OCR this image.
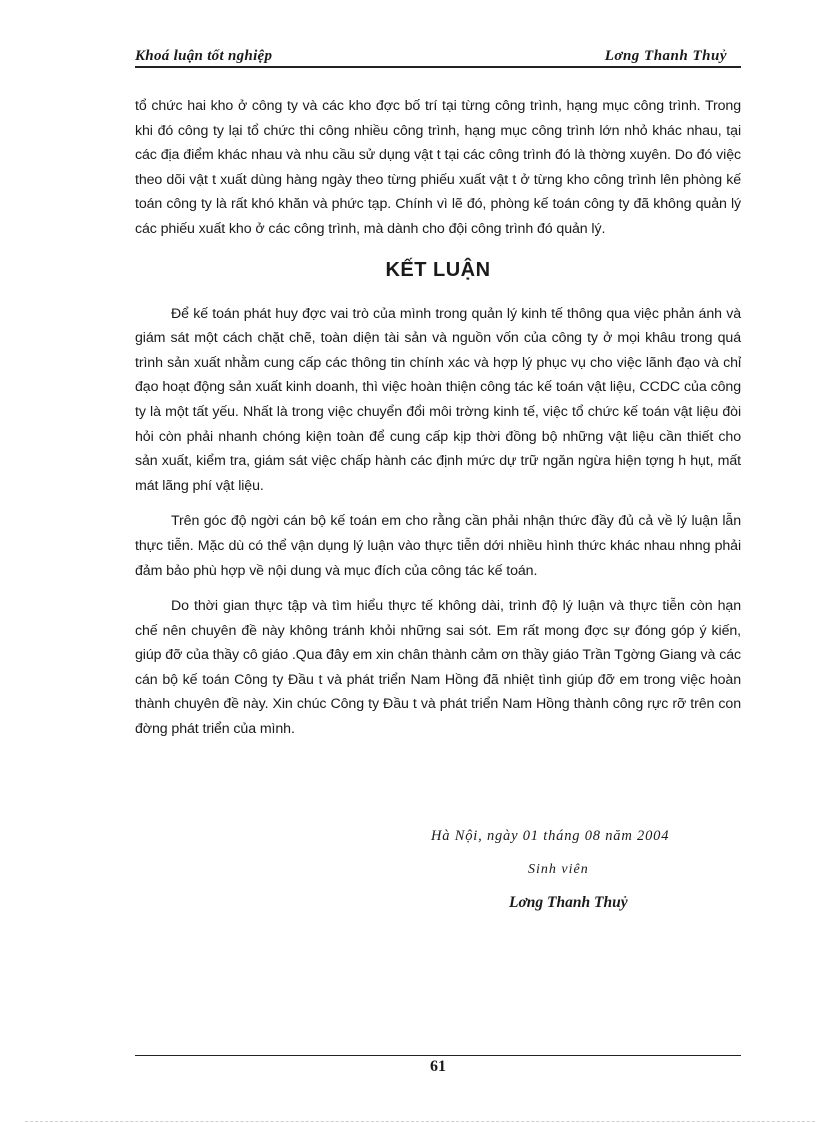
Khoá luận tốt nghiệp	Lơng Thanh Thuỷ

tổ chức hai kho ở công ty và các kho đợc bố trí tại từng công trình, hạng mục công trình. Trong khi đó công ty lại tổ chức thi công nhiều công trình, hạng mục công trình lớn nhỏ khác nhau, tại các địa điểm khác nhau và nhu cầu sử dụng vật t tại các công trình đó là thờng xuyên. Do đó việc theo dõi vật t xuất dùng hàng ngày theo từng phiếu xuất vật t ở từng kho công trình lên phòng kế toán công ty là rất khó khăn và phức tạp. Chính vì lẽ đó, phòng kế toán công ty đã không quản lý các phiếu xuất kho ở các công trình, mà dành cho đội công trình đó quản lý.

KẾT LUẬN

Để kế toán phát huy đợc vai trò của mình trong quản lý kinh tế thông qua việc phản ánh và giám sát một cách chặt chẽ, toàn diện tài sản và nguồn vốn của công ty ở mọi khâu trong quá trình sản xuất nhằm cung cấp các thông tin chính xác và hợp lý phục vụ cho việc lãnh đạo và chỉ đạo hoạt động sản xuất kinh doanh, thì việc hoàn thiện công tác kế toán vật liệu, CCDC của công ty là một tất yếu. Nhất là trong việc chuyển đổi môi trờng kinh tế, việc tổ chức kế toán vật liệu đòi hỏi còn phải nhanh chóng kiện toàn để cung cấp kịp thời đồng bộ những vật liệu cần thiết cho sản xuất, kiểm tra, giám sát việc chấp hành các định mức dự trữ ngăn ngừa hiện tợng h hụt, mất mát lãng phí vật liệu.

Trên góc độ ngời cán bộ kế toán em cho rằng cần phải nhận thức đầy đủ cả về lý luận lẫn thực tiễn. Mặc dù có thể vận dụng lý luận vào thực tiễn dới nhiều hình thức khác nhau nhng phải đảm bảo phù hợp về nội dung và mục đích của công tác kế toán.

Do thời gian thực tập và tìm hiểu thực tế không dài, trình độ lý luận và thực tiễn còn hạn chế nên chuyên đề này không tránh khỏi những sai sót. Em rất mong đợc sự đóng góp ý kiến, giúp đỡ của thầy cô giáo .Qua đây em xin chân thành cảm ơn thầy giáo Trần Tgờng Giang và các cán bộ kế toán Công ty Đầu t và phát triển Nam Hồng đã nhiệt tình giúp đỡ em trong việc hoàn thành chuyên đề này. Xin chúc Công ty Đầu t và phát triển Nam Hồng thành công rực rỡ trên con đờng phát triển của mình.

Hà Nội, ngày 01 tháng 08 năm 2004
Sinh viên
Lơng Thanh Thuỷ
61
